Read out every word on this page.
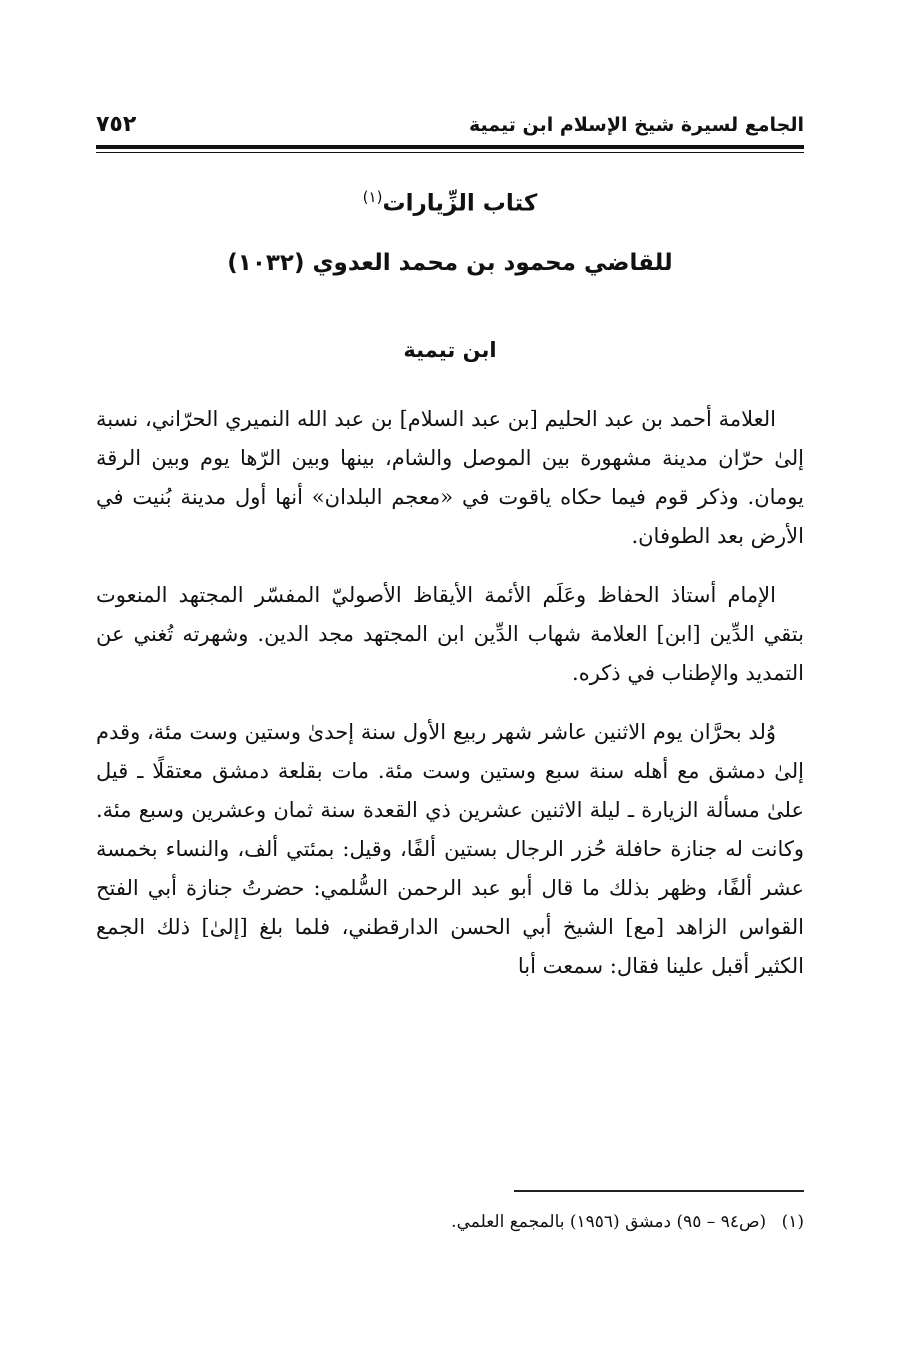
الجامع لسيرة شيخ الإسلام ابن تيمية
٧٥٢
كتاب الزِّيارات$^{(١)}$
للقاضي محمود بن محمد العدوي (١٠٣٢)
ابن تيمية

العلامة أحمد بن عبد الحليم [بن عبد السلام] بن عبد الله النميري الحرّاني، نسبة إلىٰ حرّان مدينة مشهورة بين الموصل والشام، بينها وبين الرّها يوم وبين الرقة يومان. وذكر قوم فيما حكاه ياقوت في «معجم البلدان» أنها أول مدينة بُنيت في الأرض بعد الطوفان.

الإمام أستاذ الحفاظ وعَلَم الأئمة الأيقاظ الأصوليّ المفسّر المجتهد المنعوت بتقي الدِّين [ابن] العلامة شهاب الدِّين ابن المجتهد مجد الدين. وشهرته تُغني عن التمديد والإطناب في ذكره.

وُلد بحرَّان يوم الاثنين عاشر شهر ربيع الأول سنة إحدىٰ وستين وست مئة، وقدم إلىٰ دمشق مع أهله سنة سبع وستين وست مئة. مات بقلعة دمشق معتقلًا ـ قيل علىٰ مسألة الزيارة ـ ليلة الاثنين عشرين ذي القعدة سنة ثمان وعشرين وسبع مئة. وكانت له جنازة حافلة حُزر الرجال بستين ألفًا، وقيل: بمئتي ألف، والنساء بخمسة عشر ألفًا، وظهر بذلك ما قال أبو عبد الرحمن السُّلمي: حضرتُ جنازة أبي الفتح القواس الزاهد [مع] الشيخ أبي الحسن الدارقطني، فلما بلغ [إلىٰ] ذلك الجمع الكثير أقبل علينا فقال: سمعت أبا

(١) (ص٩٤ – ٩٥) دمشق (١٩٥٦) بالمجمع العلمي.
